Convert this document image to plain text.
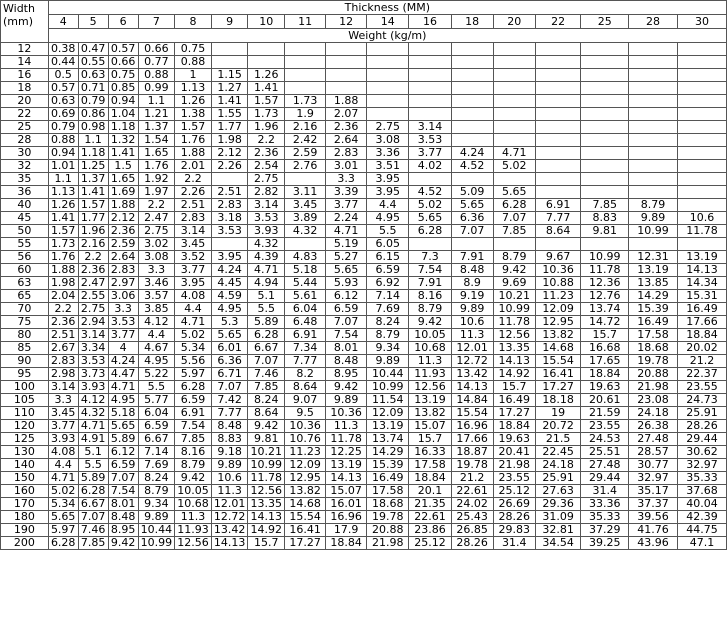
Width
(mm)	Thickness (MM)																
	4	5	6	7	8	9	10	11	12	14	16	18	20	22	25	28	30
	Weight (kg/m)																
12	0.38	0.47	0.57	0.66	0.75												
14	0.44	0.55	0.66	0.77	0.88												
16	0.5	0.63	0.75	0.88	1	1.15	1.26										
18	0.57	0.71	0.85	0.99	1.13	1.27	1.41										
20	0.63	0.79	0.94	1.1	1.26	1.41	1.57	1.73	1.88								
22	0.69	0.86	1.04	1.21	1.38	1.55	1.73	1.9	2.07								
25	0.79	0.98	1.18	1.37	1.57	1.77	1.96	2.16	2.36	2.75	3.14						
28	0.88	1.1	1.32	1.54	1.76	1.98	2.2	2.42	2.64	3.08	3.53						
30	0.94	1.18	1.41	1.65	1.88	2.12	2.36	2.59	2.83	3.36	3.77	4.24	4.71				
32	1.01	1.25	1.5	1.76	2.01	2.26	2.54	2.76	3.01	3.51	4.02	4.52	5.02				
35	1.1	1.37	1.65	1.92	2.2		2.75		3.3	3.95							
36	1.13	1.41	1.69	1.97	2.26	2.51	2.82	3.11	3.39	3.95	4.52	5.09	5.65				
40	1.26	1.57	1.88	2.2	2.51	2.83	3.14	3.45	3.77	4.4	5.02	5.65	6.28	6.91	7.85	8.79	
45	1.41	1.77	2.12	2.47	2.83	3.18	3.53	3.89	2.24	4.95	5.65	6.36	7.07	7.77	8.83	9.89	10.6
50	1.57	1.96	2.36	2.75	3.14	3.53	3.93	4.32	4.71	5.5	6.28	7.07	7.85	8.64	9.81	10.99	11.78
55	1.73	2.16	2.59	3.02	3.45		4.32		5.19	6.05							
56	1.76	2.2	2.64	3.08	3.52	3.95	4.39	4.83	5.27	6.15	7.3	7.91	8.79	9.67	10.99	12.31	13.19
60	1.88	2.36	2.83	3.3	3.77	4.24	4.71	5.18	5.65	6.59	7.54	8.48	9.42	10.36	11.78	13.19	14.13
63	1.98	2.47	2.97	3.46	3.95	4.45	4.94	5.44	5.93	6.92	7.91	8.9	9.69	10.88	12.36	13.85	14.34
65	2.04	2.55	3.06	3.57	4.08	4.59	5.1	5.61	6.12	7.14	8.16	9.19	10.21	11.23	12.76	14.29	15.31
70	2.2	2.75	3.3	3.85	4.4	4.95	5.5	6.04	6.59	7.69	8.79	9.89	10.99	12.09	13.74	15.39	16.49
75	2.36	2.94	3.53	4.12	4.71	5.3	5.89	6.48	7.07	8.24	9.42	10.6	11.78	12.95	14.72	16.49	17.66
80	2.51	3.14	3.77	4.4	5.02	5.65	6.28	6.91	7.54	8.79	10.05	11.3	12.56	13.82	15.7	17.58	18.84
85	2.67	3.34	4	4.67	5.34	6.01	6.67	7.34	8.01	9.34	10.68	12.01	13.35	14.68	16.68	18.68	20.02
90	2.83	3.53	4.24	4.95	5.56	6.36	7.07	7.77	8.48	9.89	11.3	12.72	14.13	15.54	17.65	19.78	21.2
95	2.98	3.73	4.47	5.22	5.97	6.71	7.46	8.2	8.95	10.44	11.93	13.42	14.92	16.41	18.84	20.88	22.37
100	3.14	3.93	4.71	5.5	6.28	7.07	7.85	8.64	9.42	10.99	12.56	14.13	15.7	17.27	19.63	21.98	23.55
105	3.3	4.12	4.95	5.77	6.59	7.42	8.24	9.07	9.89	11.54	13.19	14.84	16.49	18.18	20.61	23.08	24.73
110	3.45	4.32	5.18	6.04	6.91	7.77	8.64	9.5	10.36	12.09	13.82	15.54	17.27	19	21.59	24.18	25.91
120	3.77	4.71	5.65	6.59	7.54	8.48	9.42	10.36	11.3	13.19	15.07	16.96	18.84	20.72	23.55	26.38	28.26
125	3.93	4.91	5.89	6.67	7.85	8.83	9.81	10.76	11.78	13.74	15.7	17.66	19.63	21.5	24.53	27.48	29.44
130	4.08	5.1	6.12	7.14	8.16	9.18	10.21	11.23	12.25	14.29	16.33	18.87	20.41	22.45	25.51	28.57	30.62
140	4.4	5.5	6.59	7.69	8.79	9.89	10.99	12.09	13.19	15.39	17.58	19.78	21.98	24.18	27.48	30.77	32.97
150	4.71	5.89	7.07	8.24	9.42	10.6	11.78	12.95	14.13	16.49	18.84	21.2	23.55	25.91	29.44	32.97	35.33
160	5.02	6.28	7.54	8.79	10.05	11.3	12.56	13.82	15.07	17.58	20.1	22.61	25.12	27.63	31.4	35.17	37.68
170	5.34	6.67	8.01	9.34	10.68	12.01	13.35	14.68	16.01	18.68	21.35	24.02	26.69	29.36	33.36	37.37	40.04
180	5.65	7.07	8.48	9.89	11.3	12.72	14.13	15.54	16.96	19.78	22.61	25.43	28.26	31.09	35.33	39.56	42.39
190	5.97	7.46	8.95	10.44	11.93	13.42	14.92	16.41	17.9	20.88	23.86	26.85	29.83	32.81	37.29	41.76	44.75
200	6.28	7.85	9.42	10.99	12.56	14.13	15.7	17.27	18.84	21.98	25.12	28.26	31.4	34.54	39.25	43.96	47.1
